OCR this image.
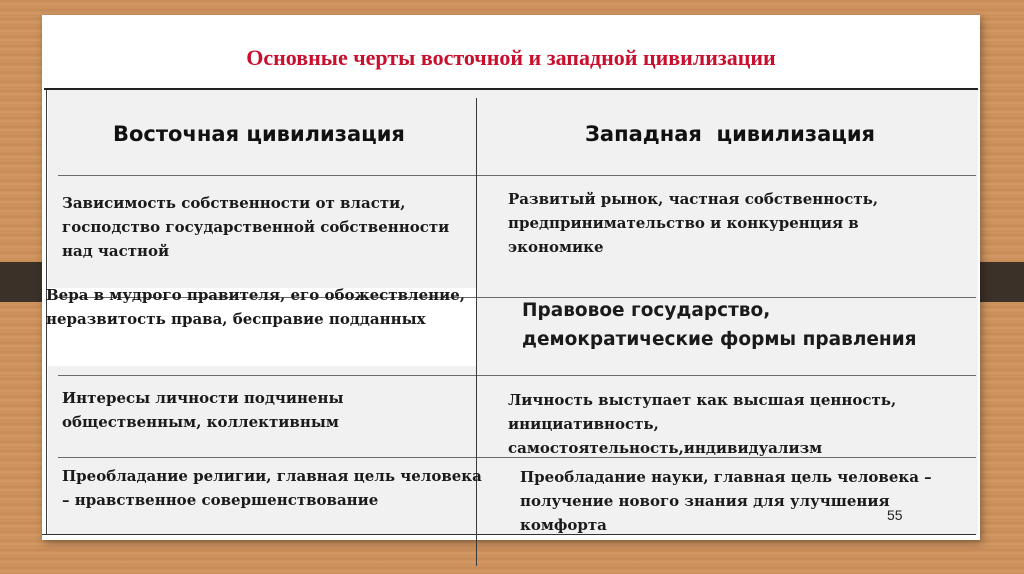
Основные черты восточной и западной цивилизации
Восточная цивилизация	Западная  цивилизация
Зависимость собственности от власти, господство государственной собственности над частной
Развитый рынок, частная собственность, предпринимательство и конкуренция в экономике
Вера в мудрого правителя, его обожествление, неразвитость права, бесправие подданных	Правовое государство, демократические формы правления
Интересы личности подчинены общественным, коллективным
Личность выступает как высшая ценность, инициативность, самостоятельность,индивидуализм
Преобладание религии, главная цель человека – нравственное совершенствование
Преобладание науки, главная цель человека – получение нового знания для улучшения комфорта
55
